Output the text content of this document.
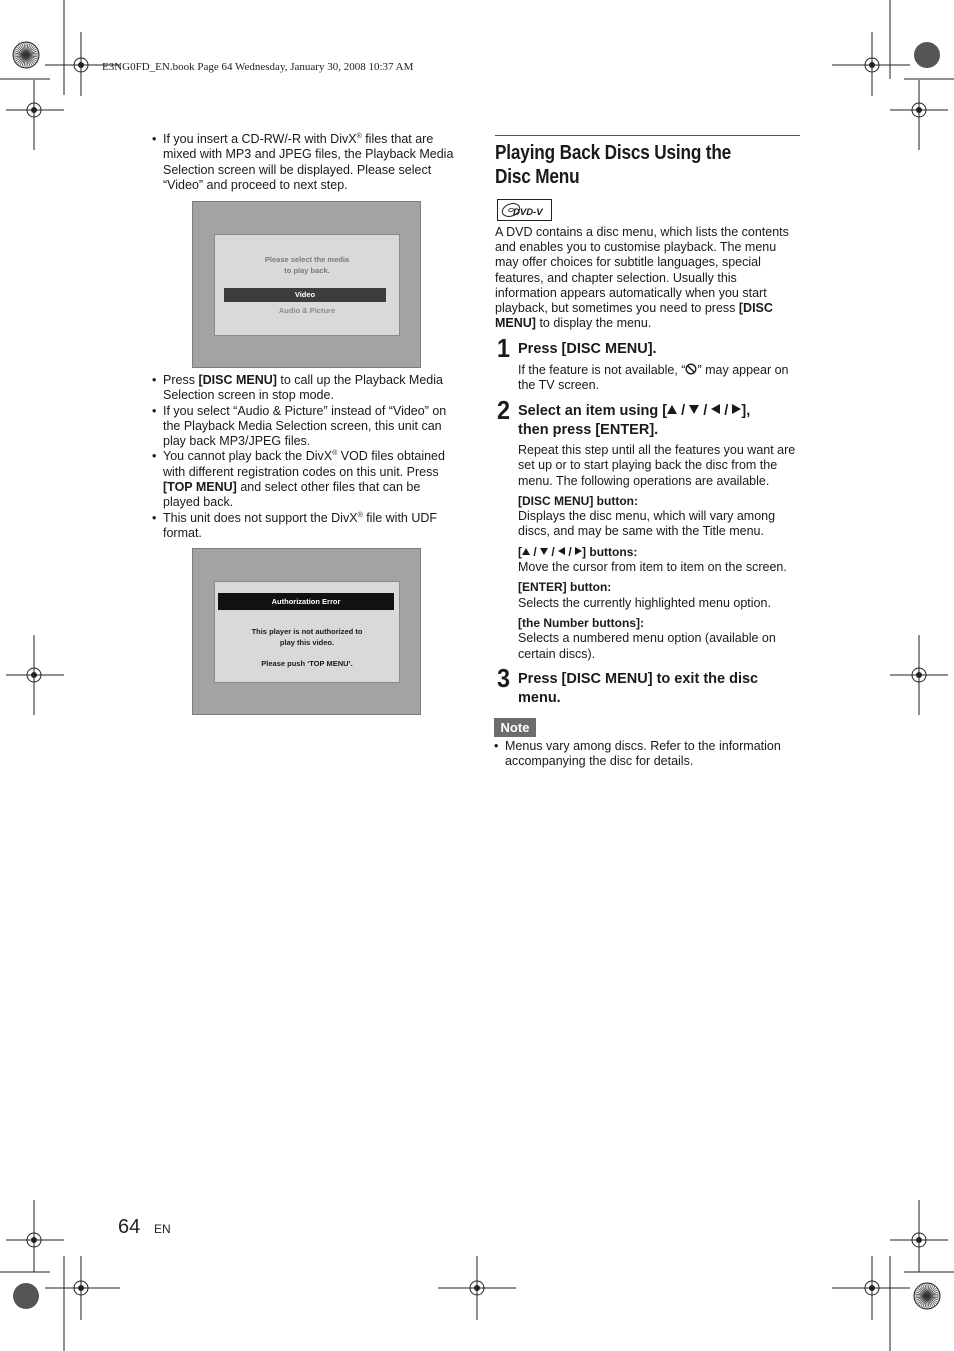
E3NG0FD_EN.book Page 64 Wednesday, January 30, 2008 10:37 AM
• If you insert a CD-RW/-R with DivX® files that are mixed with MP3 and JPEG files, the Playback Media Selection screen will be displayed. Please select “Video” and proceed to next step.
Please select the media
to play back.
Video
Audio & Picture
• Press [DISC MENU] to call up the Playback Media Selection screen in stop mode.
• If you select “Audio & Picture” instead of “Video” on the Playback Media Selection screen, this unit can play back MP3/JPEG files.
• You cannot play back the DivX® VOD files obtained with different registration codes on this unit. Press [TOP MENU] and select other files that can be played back.
• This unit does not support the DivX® file with UDF format.
Authorization Error
This player is not authorized to
play this video.
Please push ‘TOP MENU’.
Playing Back Discs Using the Disc Menu
DVD-V
A DVD contains a disc menu, which lists the contents and enables you to customise playback. The menu may offer choices for subtitle languages, special features, and chapter selection. Usually this information appears automatically when you start playback, but sometimes you need to press [DISC MENU] to display the menu.
1 Press [DISC MENU].
If the feature is not available, “ ” may appear on the TV screen.
2 Select an item using [ /  /  / ],
then press [ENTER].
Repeat this step until all the features you want are set up or to start playing back the disc from the menu. The following operations are available.
[DISC MENU] button:
Displays the disc menu, which will vary among discs, and may be same with the Title menu.
[ /  /  / ] buttons:
Move the cursor from item to item on the screen.
[ENTER] button:
Selects the currently highlighted menu option.
[the Number buttons]:
Selects a numbered menu option (available on certain discs).
3 Press [DISC MENU] to exit the disc
menu.
Note
• Menus vary among discs. Refer to the information accompanying the disc for details.
64 EN
